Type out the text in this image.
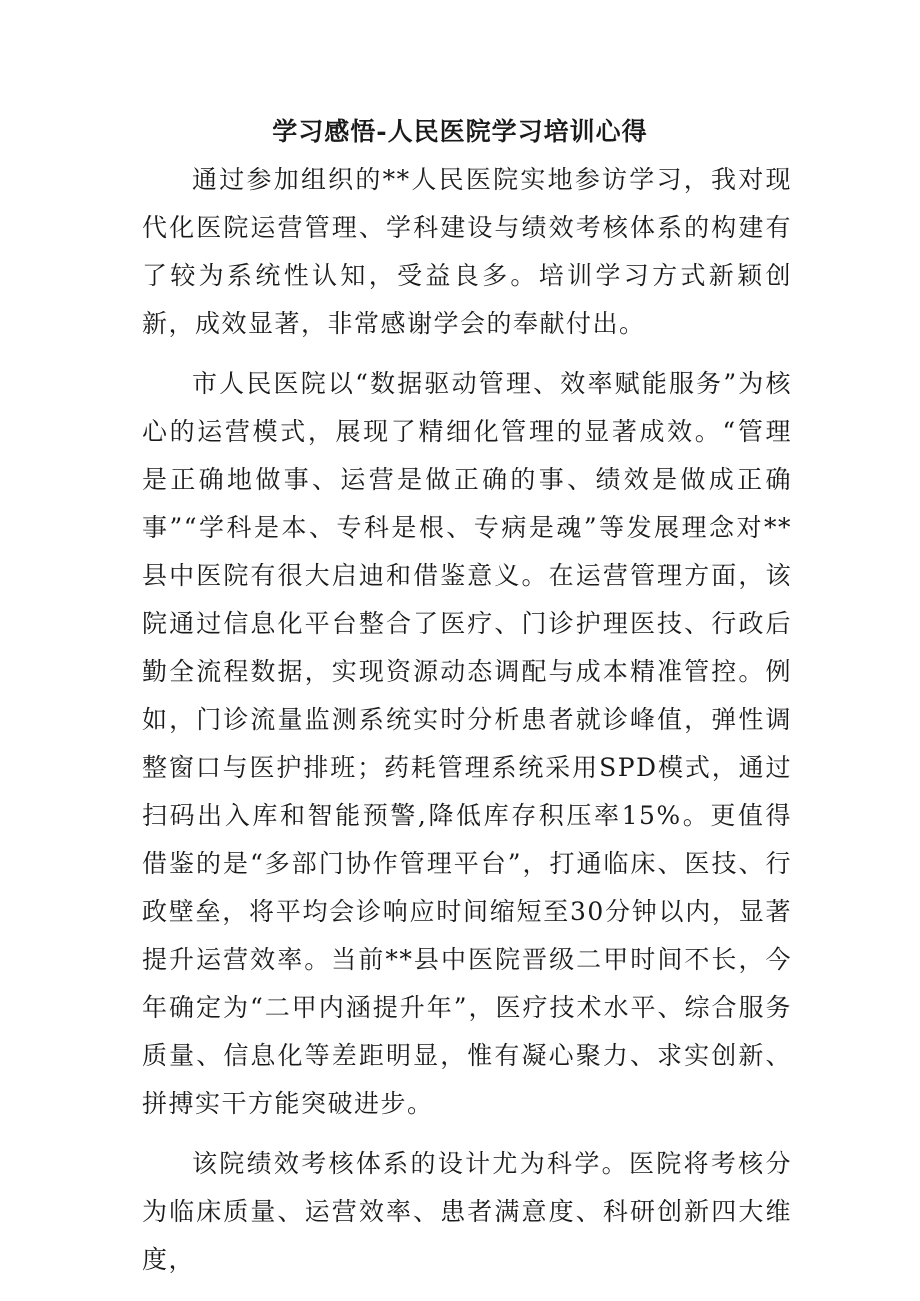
学习感悟-人民医院学习培训心得

通过参加组织的**人民医院实地参访学习，我对现代化医院运营管理、学科建设与绩效考核体系的构建有了较为系统性认知，受益良多。培训学习方式新颖创新，成效显著，非常感谢学会的奉献付出。

市人民医院以“数据驱动管理、效率赋能服务”为核心的运营模式，展现了精细化管理的显著成效。“管理是正确地做事、运营是做正确的事、绩效是做成正确事”“学科是本、专科是根、专病是魂”等发展理念对**县中医院有很大启迪和借鉴意义。在运营管理方面，该院通过信息化平台整合了医疗、门诊护理医技、行政后勤全流程数据，实现资源动态调配与成本精准管控。例如，门诊流量监测系统实时分析患者就诊峰值，弹性调整窗口与医护排班；药耗管理系统采用SPD模式，通过扫码出入库和智能预警,降低库存积压率15%。更值得借鉴的是“多部门协作管理平台”，打通临床、医技、行政壁垒，将平均会诊响应时间缩短至30分钟以内，显著提升运营效率。当前**县中医院晋级二甲时间不长，今年确定为“二甲内涵提升年”，医疗技术水平、综合服务质量、信息化等差距明显，惟有凝心聚力、求实创新、拼搏实干方能突破进步。

该院绩效考核体系的设计尤为科学。医院将考核分为临床质量、运营效率、患者满意度、科研创新四大维度，
